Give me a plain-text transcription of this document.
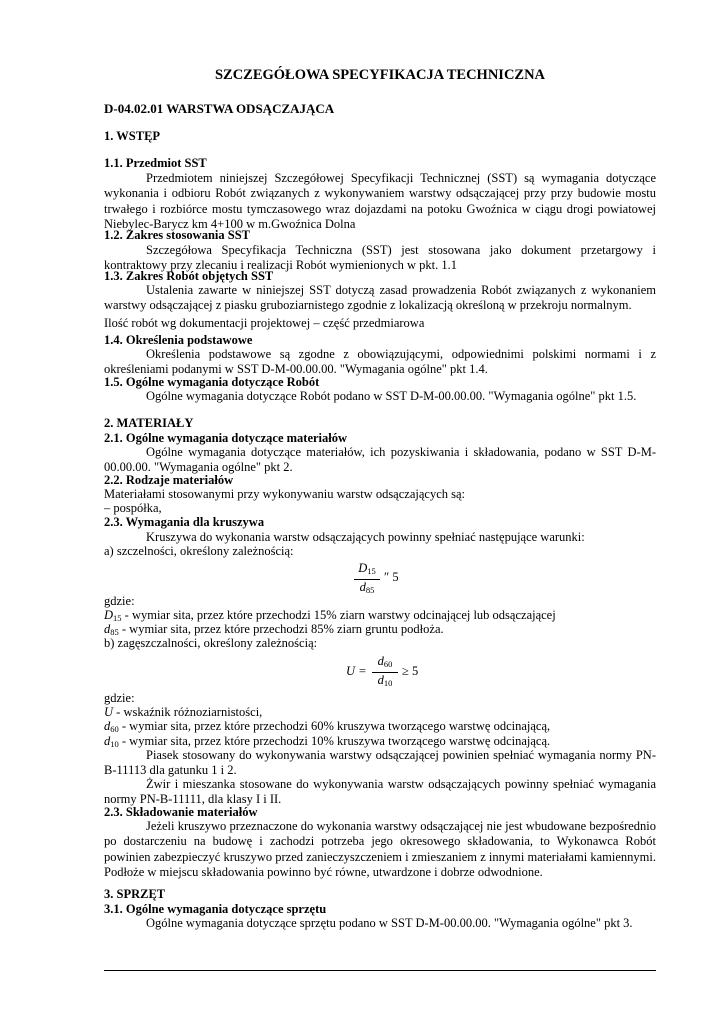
SZCZEGÓŁOWA SPECYFIKACJA TECHNICZNA
D-04.02.01 WARSTWA ODSĄCZAJĄCA
1. WSTĘP
1.1. Przedmiot SST
Przedmiotem niniejszej Szczegółowej Specyfikacji Technicznej (SST) są wymagania dotyczące wykonania i odbioru Robót związanych z wykonywaniem warstwy odsączającej przy przy budowie mostu trwałego i rozbiórce mostu tymczasowego wraz dojazdami na potoku Gwoźnica w ciągu drogi powiatowej Niebylec-Barycz km 4+100 w m.Gwoźnica Dolna
1.2. Zakres stosowania SST
Szczegółowa Specyfikacja Techniczna (SST) jest stosowana jako dokument przetargowy i kontraktowy przy zlecaniu i realizacji Robót wymienionych w pkt. 1.1
1.3. Zakres Robót objętych SST
Ustalenia zawarte w niniejszej SST dotyczą zasad prowadzenia Robót związanych z wykonaniem warstwy odsączającej z piasku gruboziarnistego zgodnie z lokalizacją określoną w przekroju normalnym.
Ilość robót wg dokumentacji projektowej – część przedmiarowa
1.4. Określenia podstawowe
Określenia podstawowe są zgodne z obowiązującymi, odpowiednimi polskimi normami i z określeniami podanymi w SST D-M-00.00.00. "Wymagania ogólne" pkt 1.4.
1.5. Ogólne wymagania dotyczące Robót
Ogólne wymagania dotyczące Robót podano w SST D-M-00.00.00. "Wymagania ogólne" pkt 1.5.
2. MATERIAŁY
2.1. Ogólne wymagania dotyczące materiałów
Ogólne wymagania dotyczące materiałów, ich pozyskiwania i składowania, podano w SST D-M-00.00.00. "Wymagania ogólne" pkt 2.
2.2. Rodzaje materiałów
Materiałami stosowanymi przy wykonywaniu warstw odsączających są:
– pospółka,
2.3. Wymagania dla kruszywa
Kruszywa do wykonania warstw odsączających powinny spełniać następujące warunki:
a) szczelności, określony zależnością:
$\frac{D_{15}}{d_{85}}$ ″ 5
gdzie:
$D_{15}$ - wymiar sita, przez które przechodzi 15% ziarn warstwy odcinającej lub odsączającej
$d_{85}$ - wymiar sita, przez które przechodzi 85% ziarn gruntu podłoża.
b) zagęszczalności, określony zależnością:
$U = \frac{d_{60}}{d_{10}} \ge 5$
gdzie:
U - wskaźnik różnoziarnistości,
$d_{60}$ - wymiar sita, przez które przechodzi 60% kruszywa tworzącego warstwę odcinającą,
$d_{10}$ - wymiar sita, przez które przechodzi 10% kruszywa tworzącego warstwę odcinającą.
Piasek stosowany do wykonywania warstwy odsączającej powinien spełniać wymagania normy PN-B-11113 dla gatunku 1 i 2.
Żwir i mieszanka stosowane do wykonywania warstw odsączających powinny spełniać wymagania normy PN-B-11111, dla klasy I i II.
2.3. Składowanie materiałów
Jeżeli kruszywo przeznaczone do wykonania warstwy odsączającej nie jest wbudowane bezpośrednio po dostarczeniu na budowę i zachodzi potrzeba jego okresowego składowania, to Wykonawca Robót powinien zabezpieczyć kruszywo przed zanieczyszczeniem i zmieszaniem z innymi materiałami kamiennymi. Podłoże w miejscu składowania powinno być równe, utwardzone i dobrze odwodnione.
3. SPRZĘT
3.1. Ogólne wymagania dotyczące sprzętu
Ogólne wymagania dotyczące sprzętu podano w SST D-M-00.00.00. "Wymagania ogólne" pkt 3.
